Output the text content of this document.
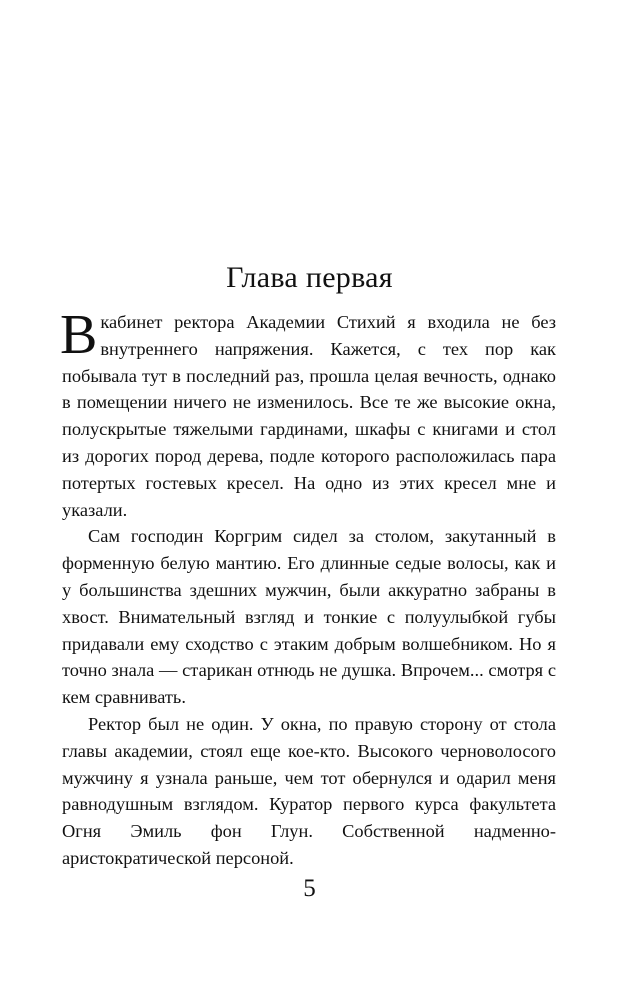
Глава первая

В кабинет ректора Академии Стихий я входила не без внутреннего напряжения. Кажется, с тех пор как побывала тут в последний раз, прошла целая вечность, однако в помещении ничего не изменилось. Все те же высокие окна, полускрытые тяжелыми гардинами, шкафы с книгами и стол из дорогих пород дерева, подле которого расположилась пара потертых гостевых кресел. На одно из этих кресел мне и указали.

Сам господин Коргрим сидел за столом, закутанный в форменную белую мантию. Его длинные седые волосы, как и у большинства здешних мужчин, были аккуратно забраны в хвост. Внимательный взгляд и тонкие с полуулыбкой губы придавали ему сходство с этаким добрым волшебником. Но я точно знала — старикан отнюдь не душка. Впрочем... смотря с кем сравнивать.

Ректор был не один. У окна, по правую сторону от стола главы академии, стоял еще кое-кто. Высокого черноволосого мужчину я узнала раньше, чем тот обернулся и одарил меня равнодушным взглядом. Куратор первого курса факультета Огня Эмиль фон Глун. Собственной надменно-аристократической персоной.

5
